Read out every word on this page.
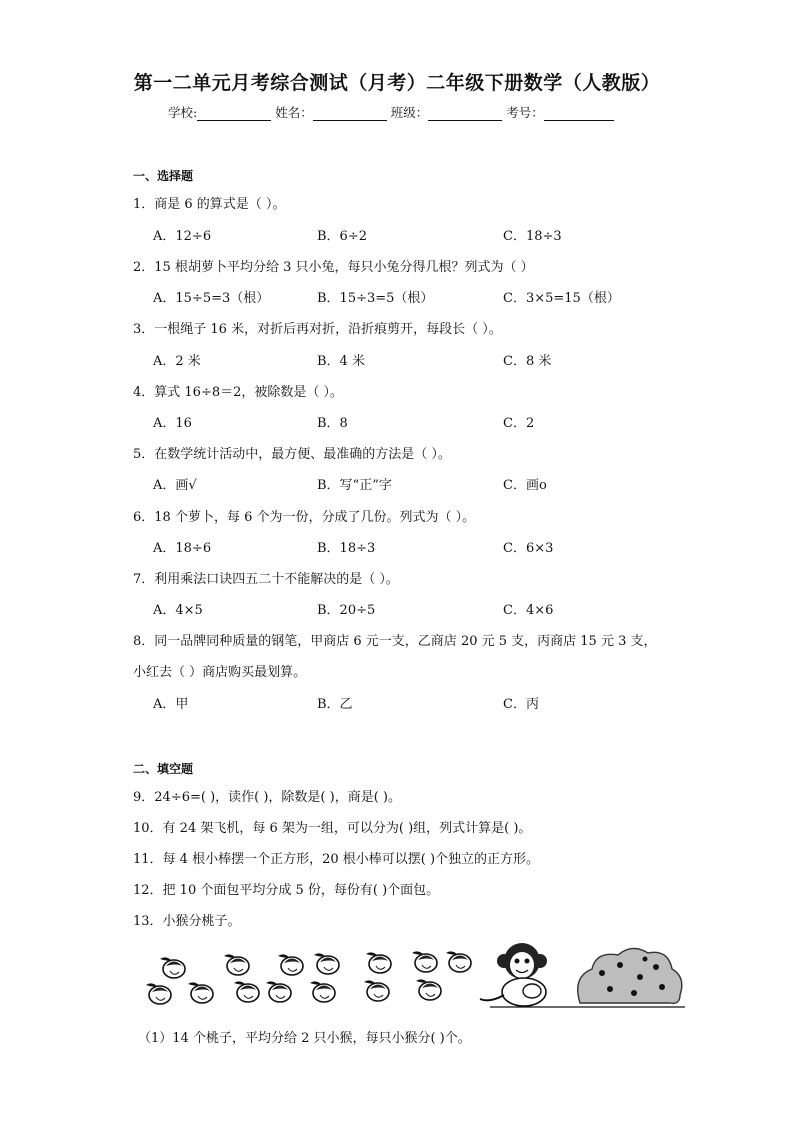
第一二单元月考综合测试（月考）二年级下册数学（人教版）
学校:	姓名：	班级：	考号：
一、选择题
1．商是 6 的算式是（ ）。
A．12÷6	B．6÷2	C．18÷3
2．15 根胡萝卜平均分给 3 只小兔，每只小兔分得几根？列式为（ ）
A．15÷5=3（根）	B．15÷3=5（根）	C．3×5=15（根）
3．一根绳子 16 米，对折后再对折，沿折痕剪开，每段长（ ）。
A．2 米	B．4 米	C．8 米
4．算式 16÷8＝2，被除数是（ ）。
A．16	B．8	C．2
5．在数学统计活动中，最方便、最准确的方法是（ ）。
A．画√	B．写“正”字	C．画o
6．18 个萝卜，每 6 个为一份，分成了几份。列式为（ ）。
A．18÷6	B．18÷3	C．6×3
7．利用乘法口诀四五二十不能解决的是（ ）。
A．4×5	B．20÷5	C．4×6
8．同一品牌同种质量的钢笔，甲商店 6 元一支，乙商店 20 元 5 支，丙商店 15 元 3 支，
小红去（ ）商店购买最划算。
A．甲	B．乙	C．丙
二、填空题
9．24÷6=( )，读作( )，除数是( )，商是( )。
10．有 24 架飞机，每 6 架为一组，可以分为( )组，列式计算是( )。
11．每 4 根小棒摆一个正方形，20 根小棒可以摆( )个独立的正方形。
12．把 10 个面包平均分成 5 份，每份有( )个面包。
13．小猴分桃子。
（1）14 个桃子，平均分给 2 只小猴，每只小猴分( )个。
